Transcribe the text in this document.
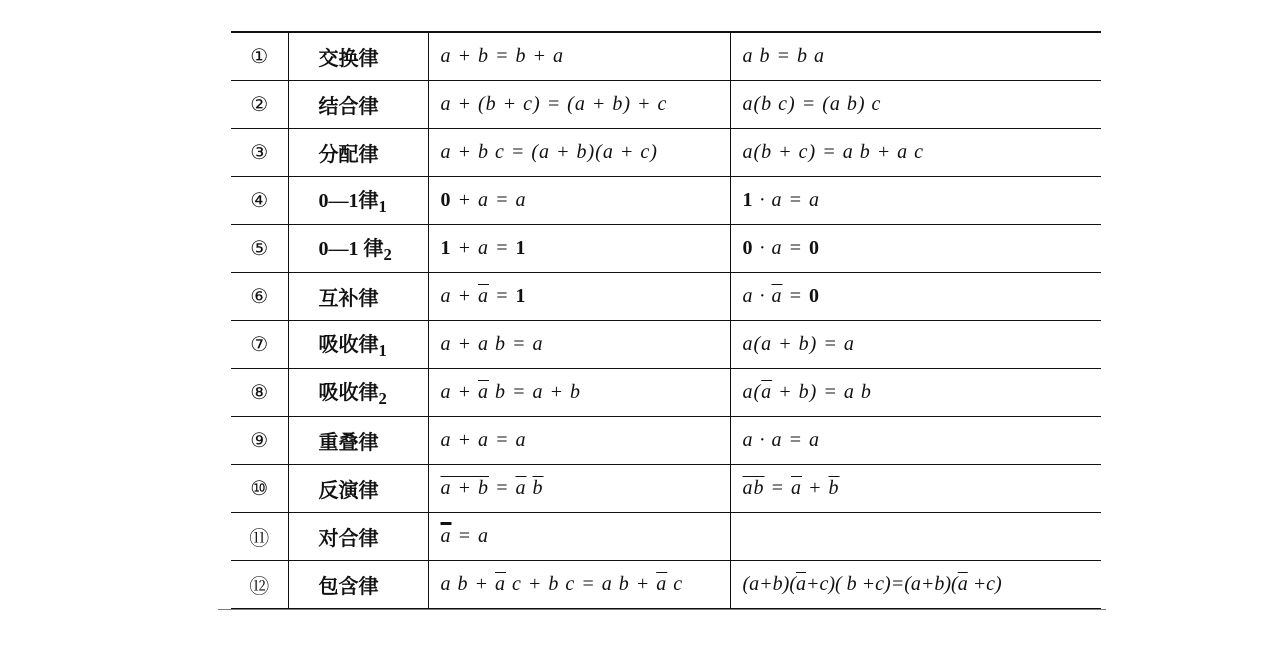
①	交换律	a + b = b + a	a b = b a
②	结合律	a + (b + c) = (a + b) + c	a(b c) = (a b) c
③	分配律	a + b c = (a + b)(a + c)	a(b + c) = a b + a c
④	0—1律$_1$	0 + a = a	1 · a = a
⑤	0—1 律$_2$	1 + a = 1	0 · a = 0
⑥	互补律	$a + \overline{a} = 1$	$a \cdot \overline{a} = 0$
⑦	吸收律$_1$	a + a b = a	a(a + b) = a
⑧	吸收律$_2$	$a + \overline{a}$ b = a + b	$a(\overline{a} + b) = a$ b
⑨	重叠律	a + a = a	a · a = a
⑩	反演律	$a + b = \overline{a}$ $\overline{b}$	$\overline{ab} = \overline{a} + \overline{b}$
⑪	对合律	$\overline{a} = a$	
⑫	包含律	a $b + \overline{a}$ c + b c = a $b + \overline{a}$ c	$(a+b)(\overline{a}+c)$( $b +c)=(a+b)(\overline{a} +c)$
